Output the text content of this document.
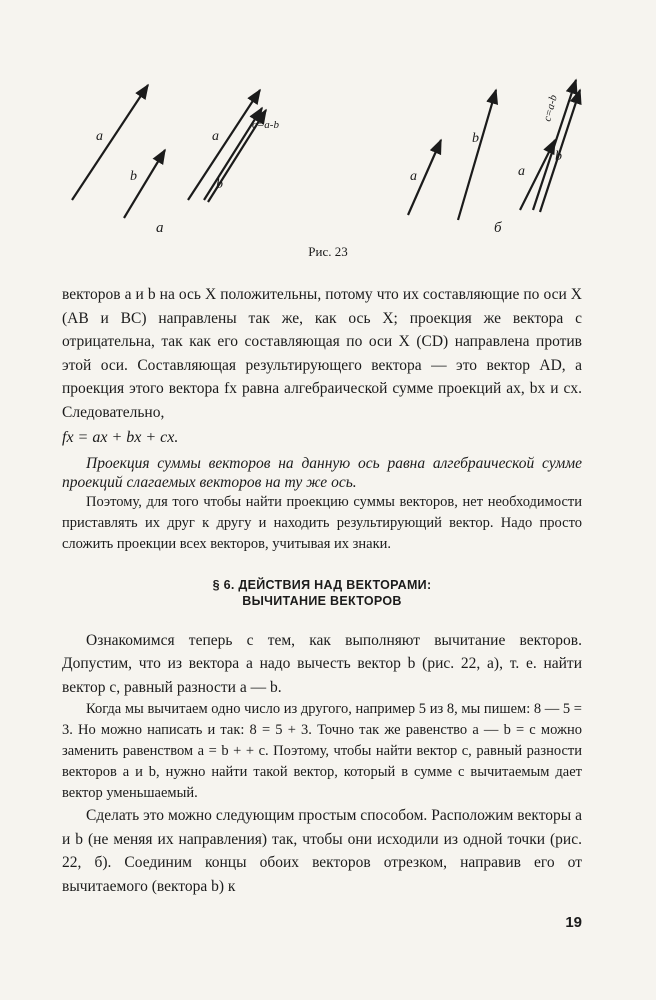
a
b
a
c=a-b
b
а
a
b
a
c=a-b
b
б
Рис. 23

векторов a и b на ось X положительны, потому что их составляющие по оси X (AB и BC) направлены так же, как ось X; проекция же вектора c отрицательна, так как его составляющая по оси X (CD) направлена против этой оси. Составляющая результирующего вектора — это вектор AD, а проекция этого вектора fx равна алгебраической сумме проекций ax, bx и cx. Следовательно,

fx = ax + bx + cx.

Проекция суммы векторов на данную ось равна алгебраической сумме проекций слагаемых векторов на ту же ось.

Поэтому, для того чтобы найти проекцию суммы векторов, нет необходимости приставлять их друг к другу и находить результирующий вектор. Надо просто сложить проекции всех векторов, учитывая их знаки.

§ 6. ДЕЙСТВИЯ НАД ВЕКТОРАМИ:
ВЫЧИТАНИЕ ВЕКТОРОВ

Ознакомимся теперь с тем, как выполняют вычитание векторов. Допустим, что из вектора a надо вычесть вектор b (рис. 22, а), т. е. найти вектор c, равный разности a — b.

Когда мы вычитаем одно число из другого, например 5 из 8, мы пишем: 8 — 5 = 3. Но можно написать и так: 8 = 5 + 3. Точно так же равенство a — b = c можно заменить равенством a = b + + c. Поэтому, чтобы найти вектор c, равный разности векторов a и b, нужно найти такой вектор, который в сумме с вычитаемым дает вектор уменьшаемый.

Сделать это можно следующим простым способом. Расположим векторы a и b (не меняя их направления) так, чтобы они исходили из одной точки (рис. 22, б). Соединим концы обоих векторов отрезком, направив его от вычитаемого (вектора b) к

19
